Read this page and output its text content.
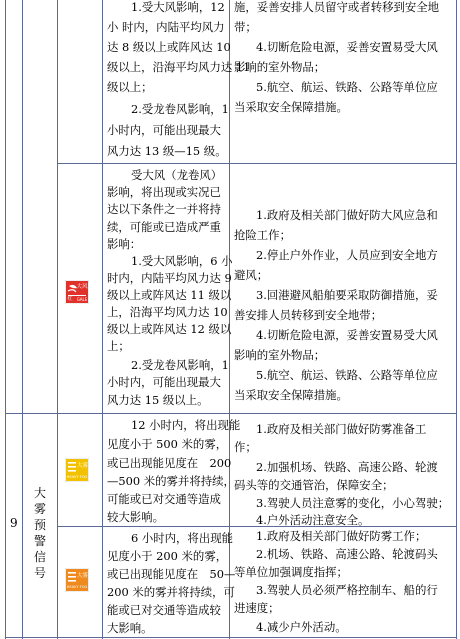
1.受大风影响，12
小 时内，内陆平均风力
达 8 级以上或阵风达 10
级以上，沿海平均风力达 11
级以上；
2.受龙卷风影响，1
小时内，可能出现最大
风力达 13 级—15 级。
施，妥善安排人员留守或者转移到安全地
带；
4.切断危险电源，妥善安置易受大风
影响的室外物品；
5.航空、航运、铁路、公路等单位应
当采取安全保障措施。
大风
红	GALE
受大风（龙卷风）
影响，将出现或实况已
达以下条件之一并将持
续，可能或已造成严重
影响：
1.受大风影响，6 小
时内，内陆平均风力达 9
级以上或阵风达 11 级以
上，沿海平均风力达 10
级以上或阵风达 12 级以
上；
2.受龙卷风影响，1
小时内，可能出现最大
风力达 15 级以上。
1.政府及相关部门做好防大风应急和
抢险工作；
2.停止户外作业，人员应到安全地方
避风；
3.回港避风船舶要采取防御措施，妥
善安排人员转移到安全地带；
4.切断危险电源，妥善安置易受大风
影响的室外物品；
5.航空、航运、铁路、公路等单位应
当采取安全保障措施。
9
大雾预警信号
大雾
HEAVY FOG
12 小时内，将出现能
见度小于 500 米的雾，
或已出现能见度在　200
—500 米的雾并将持续，
可能或已对交通等造成
较大影响。
1.政府及相关部门做好防雾准备工
作；
2.加强机场、铁路、高速公路、轮渡
码头等的交通管治，保障安全；
3.驾驶人员注意雾的变化，小心驾驶；
4.户外活动注意安全。
大雾
HEAVY FOG
6 小时内，将出现能
见度小于 200 米的雾，
或已出现能见度在　50—
200 米的雾并将持续，可
能或已对交通等造成较
大影响。
1.政府及相关部门做好防雾工作；
2.机场、铁路、高速公路、轮渡码头
等单位加强调度指挥；
3.驾驶人员必须严格控制车、船的行
进速度；
4.减少户外活动。
